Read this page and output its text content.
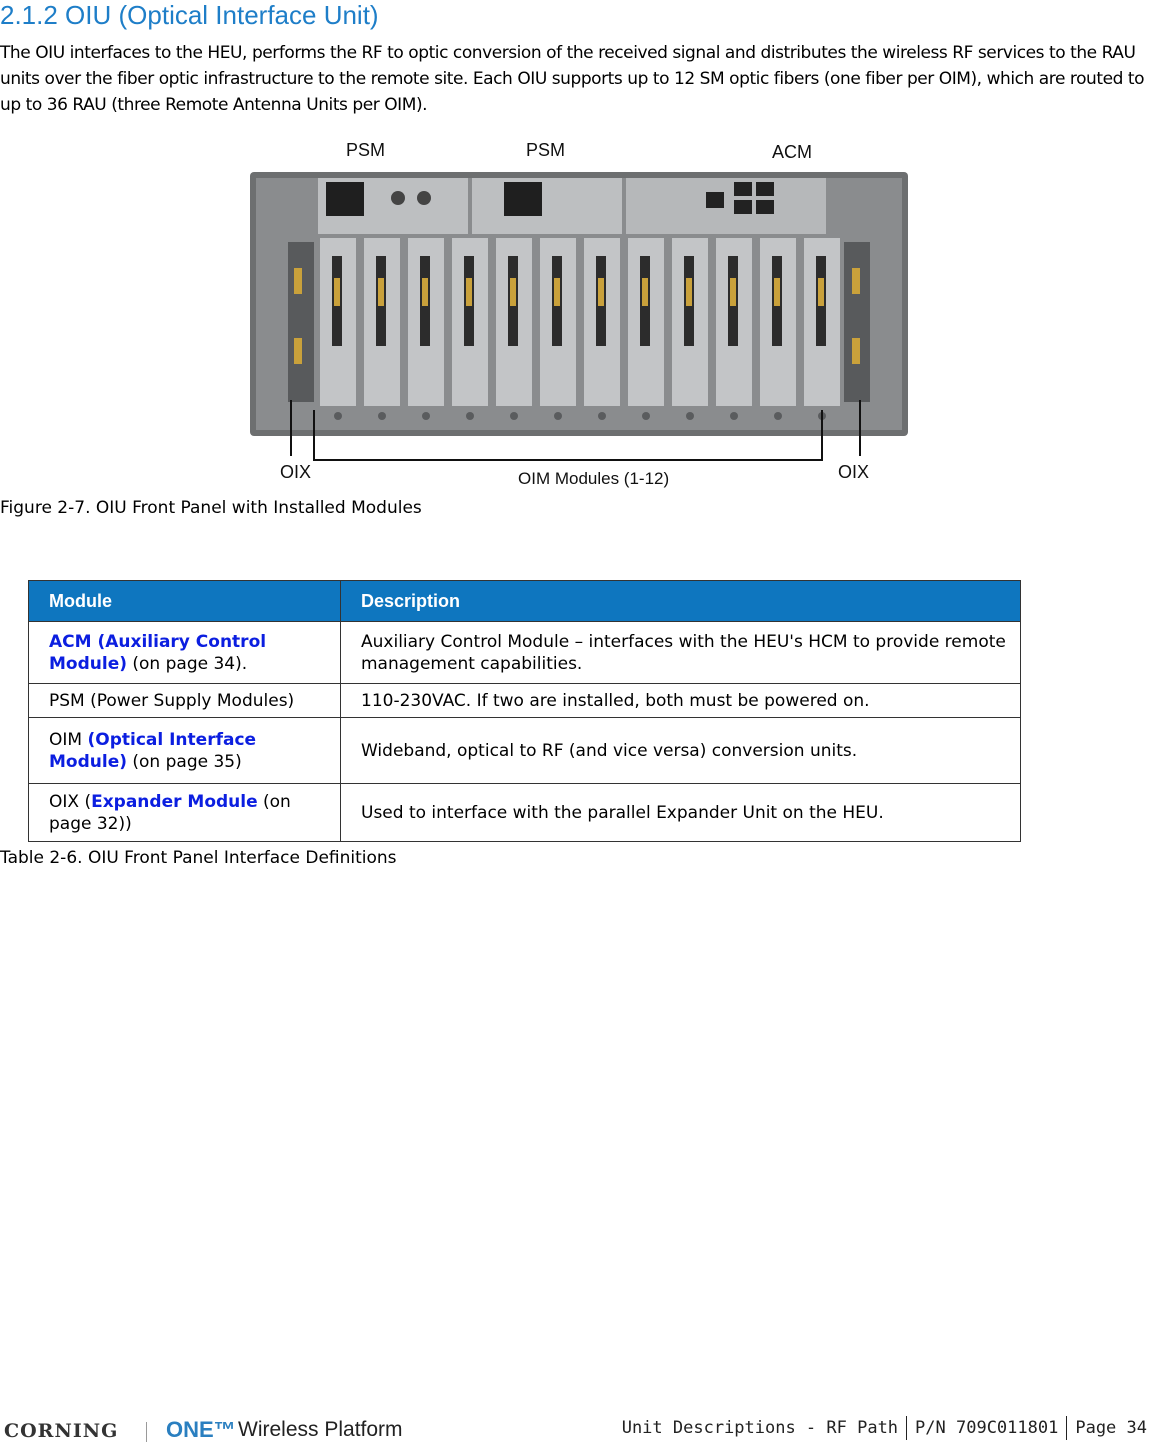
2.1.2 OIU (Optical Interface Unit)

The OIU interfaces to the HEU, performs the RF to optic conversion of the received signal and distributes the wireless RF services to the RAU units over the fiber optic infrastructure to the remote site. Each OIU supports up to 12 SM optic fibers (one fiber per OIM), which are routed to up to 36 RAU (three Remote Antenna Units per OIM).

PSM	PSM	ACM
OIX	OIM Modules (1-12)	OIX

Figure 2-7. OIU Front Panel with Installed Modules

Module	Description
ACM (Auxiliary Control Module) (on page 34).	Auxiliary Control Module – interfaces with the HEU's HCM to provide remote management capabilities.
PSM (Power Supply Modules)	110-230VAC. If two are installed, both must be powered on.
OIM (Optical Interface Module) (on page 35)	Wideband, optical to RF (and vice versa) conversion units.
OIX (Expander Module (on page 32))	Used to interface with the parallel Expander Unit on the HEU.

Table 2-6. OIU Front Panel Interface Definitions

CORNING ONE™ Wireless Platform	Unit Descriptions - RF Path P/N 709C011801 Page 34
